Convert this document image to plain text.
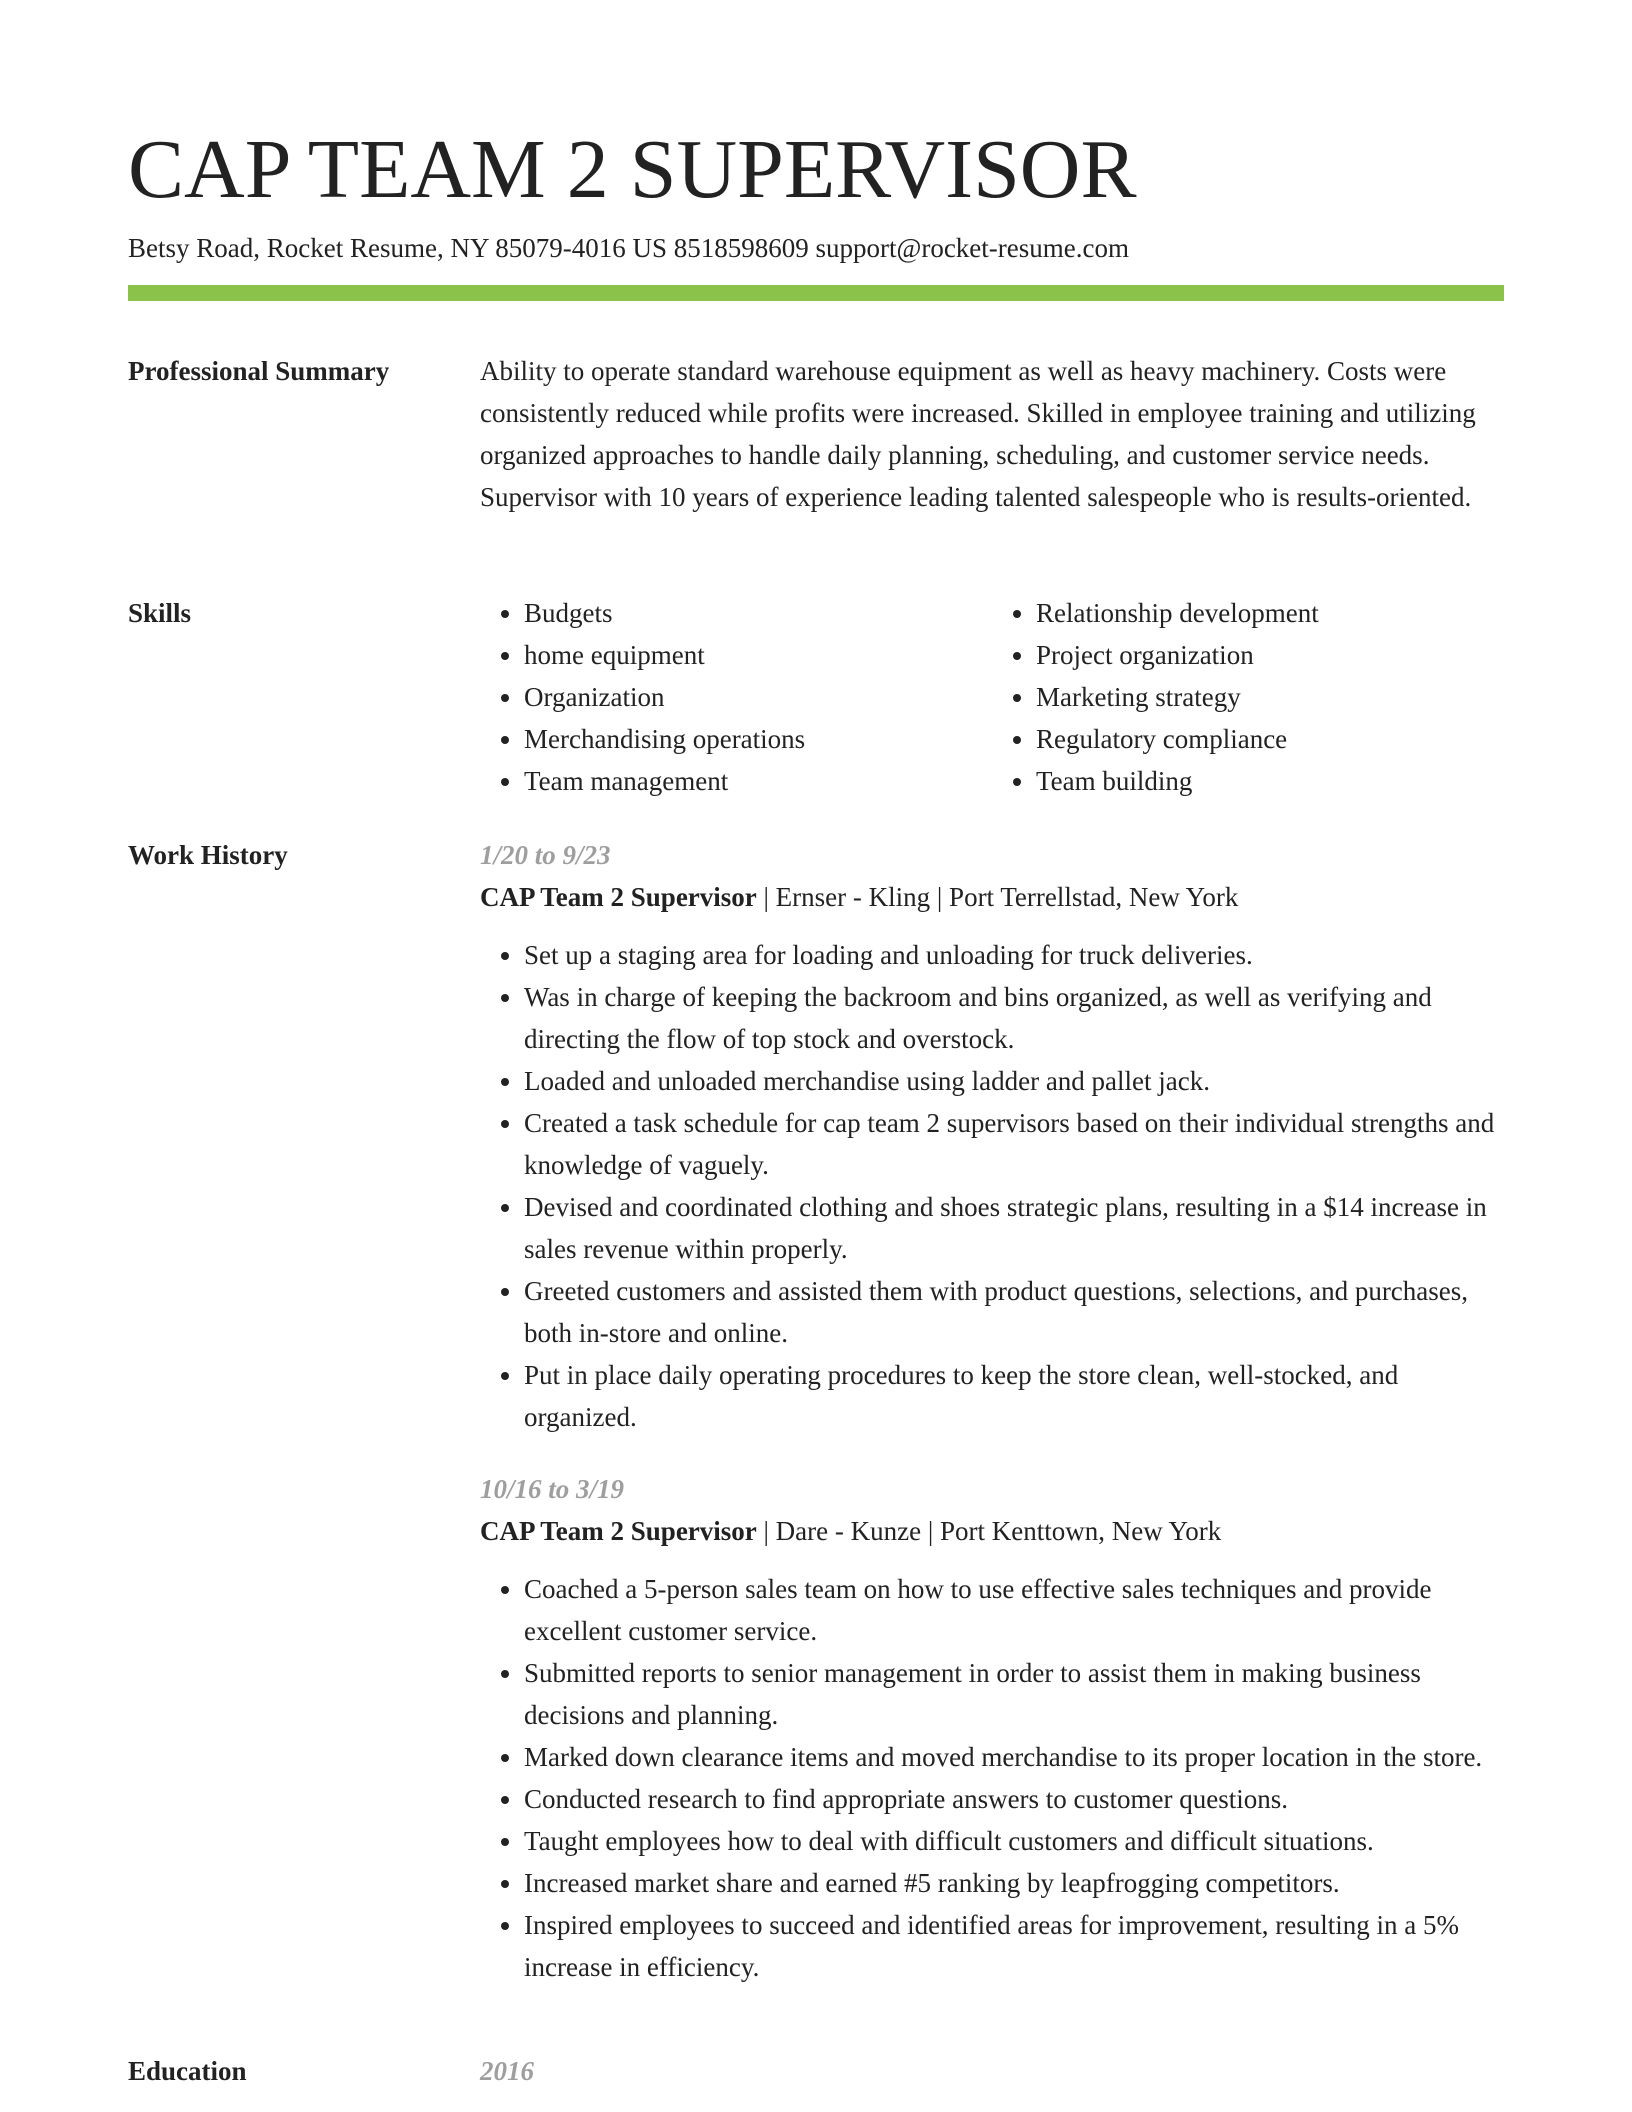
CAP TEAM 2 SUPERVISOR
Betsy Road, Rocket Resume, NY 85079-4016 US 8518598609 support@rocket-resume.com
Professional Summary	Ability to operate standard warehouse equipment as well as heavy machinery. Costs were consistently reduced while profits were increased. Skilled in employee training and utilizing organized approaches to handle daily planning, scheduling, and customer service needs. Supervisor with 10 years of experience leading talented salespeople who is results-oriented.

Skills
•	Budgets
• home equipment
• Organization
• Merchandising operations
• Team management
• Relationship development
• Project organization
• Marketing strategy
• Regulatory compliance
• Team building
Work History	1/20 to 9/23
CAP Team 2 Supervisor | Ernser - Kling | Port Terrellstad, New York
• Set up a staging area for loading and unloading for truck deliveries.
• Was in charge of keeping the backroom and bins organized, as well as verifying and directing the flow of top stock and overstock.
• Loaded and unloaded merchandise using ladder and pallet jack.
• Created a task schedule for cap team 2 supervisors based on their individual strengths and knowledge of vaguely.
• Devised and coordinated clothing and shoes strategic plans, resulting in a $14 increase in sales revenue within properly.
• Greeted customers and assisted them with product questions, selections, and purchases, both in-store and online.
• Put in place daily operating procedures to keep the store clean, well-stocked, and organized.
10/16 to 3/19
CAP Team 2 Supervisor | Dare - Kunze | Port Kenttown, New York
• Coached a 5-person sales team on how to use effective sales techniques and provide excellent customer service.
• Submitted reports to senior management in order to assist them in making business decisions and planning.
• Marked down clearance items and moved merchandise to its proper location in the store.
• Conducted research to find appropriate answers to customer questions.
• Taught employees how to deal with difficult customers and difficult situations.
• Increased market share and earned #5 ranking by leapfrogging competitors.
• Inspired employees to succeed and identified areas for improvement, resulting in a 5% increase in efficiency.
Education	2016
